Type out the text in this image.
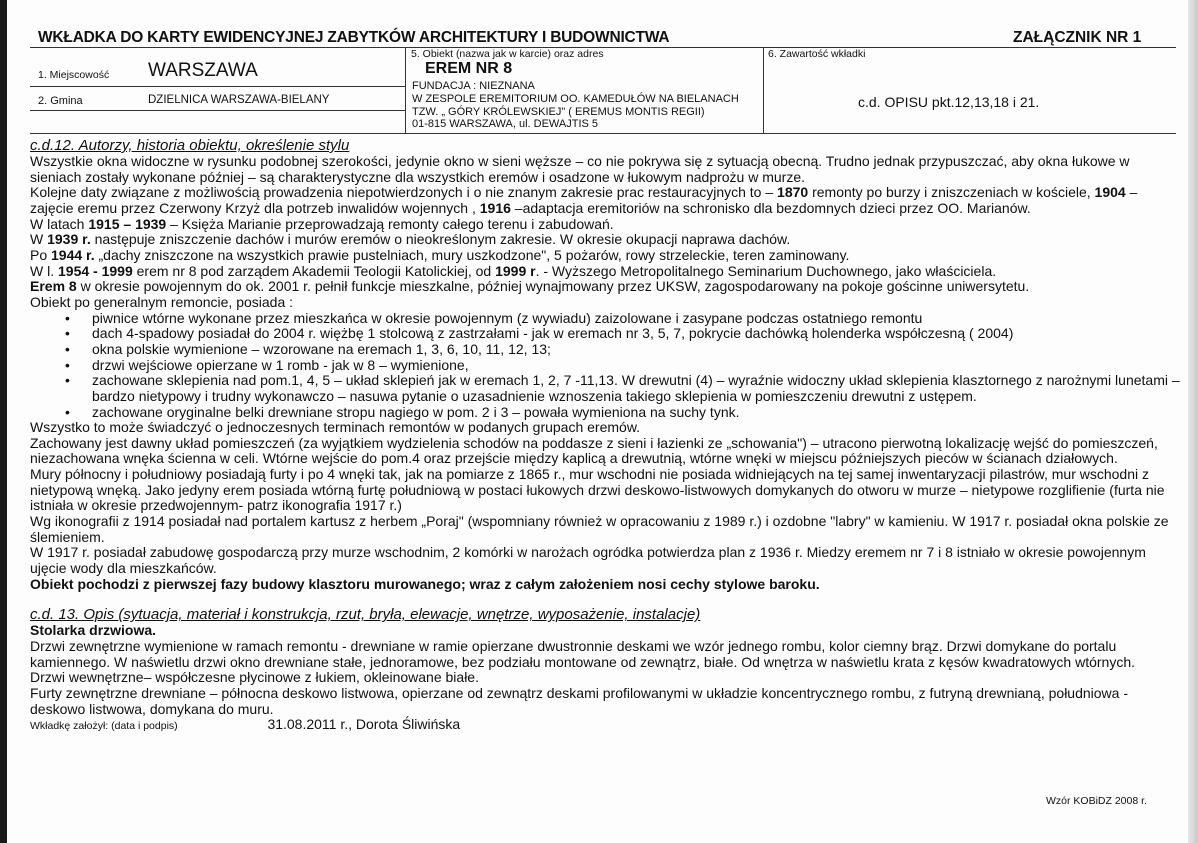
WKŁADKA DO KARTY EWIDENCYJNEJ ZABYTKÓW ARCHITEKTURY I BUDOWNICTWA	ZAŁĄCZNIK NR 1
1. Miejscowość WARSZAWA
2. Gmina	DZIELNICA WARSZAWA-BIELANY
5. Obiekt (nazwa jak w karcie) oraz adres
EREM NR 8
FUNDACJA : NIEZNANA
W ZESPOLE EREMITORIUM OO. KAMEDUŁÓW NA BIELANACH
TZW. „ GÓRY KRÓLEWSKIEJ" ( EREMUS MONTIS REGII)
01-815 WARSZAWA, ul. DEWAJTIS 5
6. Zawartość wkładki
c.d. OPISU pkt.12,13,18 i 21.
c.d.12. Autorzy, historia obiektu, określenie stylu

Wszystkie okna widoczne w rysunku podobnej szerokości, jedynie okno w sieni węższe – co nie pokrywa się z sytuacją obecną. Trudno jednak przypuszczać, aby okna łukowe w sieniach zostały wykonane później – są charakterystyczne dla wszystkich eremów i osadzone w łukowym nadprożu w murze.

Kolejne daty związane z możliwością prowadzenia niepotwierdzonych i o nie znanym zakresie prac restauracyjnych to – 1870 remonty po burzy i zniszczeniach w kościele, 1904 – zajęcie eremu przez Czerwony Krzyż dla potrzeb inwalidów wojennych , 1916 –adaptacja eremitoriów na schronisko dla bezdomnych dzieci przez OO. Marianów.

W latach 1915 – 1939 – Księża Marianie przeprowadzają remonty całego terenu i zabudowań.

W 1939 r. następuje zniszczenie dachów i murów eremów o nieokreślonym zakresie. W okresie okupacji naprawa dachów.

Po 1944 r. „dachy zniszczone na wszystkich prawie pustelniach, mury uszkodzone", 5 pożarów, rowy strzeleckie, teren zaminowany.

W l. 1954 - 1999 erem nr 8 pod zarządem Akademii Teologii Katolickiej, od 1999 r. - Wyższego Metropolitalnego Seminarium Duchownego, jako właściciela.

Erem 8 w okresie powojennym do ok. 2001 r. pełnił funkcje mieszkalne, później wynajmowany przez UKSW, zagospodarowany na pokoje gościnne uniwersytetu.

Obiekt po generalnym remoncie, posiada :

• piwnice wtórne wykonane przez mieszkańca w okresie powojennym (z wywiadu) zaizolowane i zasypane podczas ostatniego remontu
• dach 4-spadowy posiadał do 2004 r. więżbę 1 stolcową z zastrzałami - jak w eremach nr 3, 5, 7, pokrycie dachówką holenderka współczesną ( 2004)
• okna polskie wymienione – wzorowane na eremach 1, 3, 6, 10, 11, 12, 13;
• drzwi wejściowe opierzane w 1 romb - jak w 8 – wymienione,
• zachowane sklepienia nad pom.1, 4, 5 – układ sklepień jak w eremach 1, 2, 7 -11,13. W drewutni (4) – wyraźnie widoczny układ sklepienia klasztornego z narożnymi lunetami – bardzo nietypowy i trudny wykonawczo – nasuwa pytanie o uzasadnienie wznoszenia takiego sklepienia w pomieszczeniu drewutni z ustępem.
• zachowane oryginalne belki drewniane stropu nagiego w pom. 2 i 3 – powała wymieniona na suchy tynk.

Wszystko to może świadczyć o jednoczesnych terminach remontów w podanych grupach eremów.

Zachowany jest dawny układ pomieszczeń (za wyjątkiem wydzielenia schodów na poddasze z sieni i łazienki ze „schowania") – utracono pierwotną lokalizację wejść do pomieszczeń, niezachowana wnęka ścienna w celi. Wtórne wejście do pom.4 oraz przejście między kaplicą a drewutnią, wtórne wnęki w miejscu późniejszych pieców w ścianach działowych.

Mury północny i południowy posiadają furty i po 4 wnęki tak, jak na pomiarze z 1865 r., mur wschodni nie posiada widniejących na tej samej inwentaryzacji pilastrów, mur wschodni z nietypową wnęką. Jako jedyny erem posiada wtórną furtę południową w postaci łukowych drzwi deskowo-listwowych domykanych do otworu w murze – nietypowe rozglifienie (furta nie istniała w okresie przedwojennym- patrz ikonografia 1917 r.)

Wg ikonografii z 1914 posiadał nad portalem kartusz z herbem „Poraj" (wspomniany również w opracowaniu z 1989 r.) i ozdobne "labry" w kamieniu. W 1917 r. posiadał okna polskie ze ślemieniem.

W 1917 r. posiadał zabudowę gospodarczą przy murze wschodnim, 2 komórki w narożach ogródka potwierdza plan z 1936 r. Miedzy eremem nr 7 i 8 istniało w okresie powojennym ujęcie wody dla mieszkańców.

Obiekt pochodzi z pierwszej fazy budowy klasztoru murowanego; wraz z całym założeniem nosi cechy stylowe baroku.

c.d. 13. Opis (sytuacja, materiał i konstrukcja, rzut, bryła, elewacje, wnętrze, wyposażenie, instalacje)

Stolarka drzwiowa.

Drzwi zewnętrzne wymienione w ramach remontu - drewniane w ramie opierzane dwustronnie deskami we wzór jednego rombu, kolor ciemny brąz. Drzwi domykane do portalu kamiennego. W naświetlu drzwi okno drewniane stałe, jednoramowe, bez podziału montowane od zewnątrz, białe. Od wnętrza w naświetlu krata z kęsów kwadratowych wtórnych.

Drzwi wewnętrzne– współczesne płycinowe z łukiem, okleinowane białe.

Furty zewnętrzne drewniane – północna deskowo listwowa, opierzane od zewnątrz deskami profilowanymi w układzie koncentrycznego rombu, z futryną drewnianą, południowa - deskowo listwowa, domykana do muru.

Wkładkę założył: (data i podpis)	31.08.2011 r., Dorota Śliwińska

Wzór KOBiDZ 2008 r.
